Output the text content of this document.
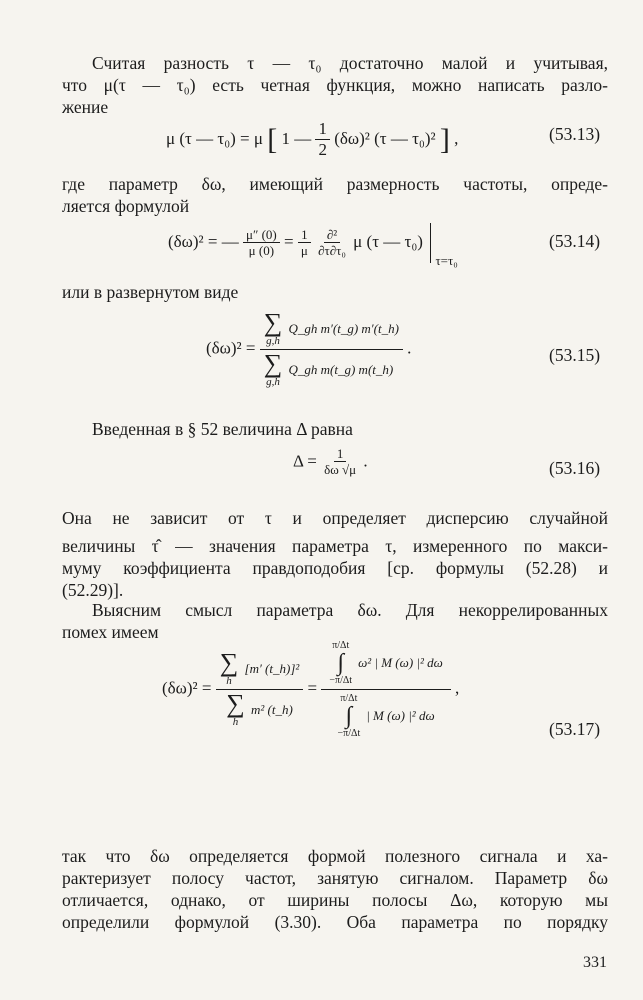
Считая разность τ — τ₀ достаточно малой и учитывая,
что μ(τ — τ₀) есть четная функция, можно написать разло-
жение
μ (τ — τ₀) = μ [ 1 — $\frac{1}{2} (\delta\omega)^2$ (τ — τ₀)² ] ,	(53.13)
где параметр δω, имеющий размерность частоты, опреде-
ляется формулой
(δω)² = — $\frac{\mu'' (0)}{\mu (0)} = \frac{1}{\mu}$
$\frac{\text{∂²}}{\text{∂τ∂τ₀}}$ μ (τ — τ₀)  $_{\tau=\tau_0}$
(53.14)
или в развернутом виде
(δω)² = ∑
g,h
Q_gh m′(t_g) m′(t_h)
∑
g,h
Q_gh m(t_g) m(t_h) .	(53.15)
Введенная в § 52 величина Δ равна
$\Delta = \frac{1}{\delta\omega √\mu}$ .	(53.16)
Она не зависит от τ и определяет дисперсию случайной
величины τ̂ — значения параметра τ, измеренного по макси-
муму коэффициента правдоподобия [ср. формулы (52.28) и
(52.29)].
Выясним смысл параметра δω. Для некоррелированных
помех имеем
(δω)² = ∑
h
[m′ (t_h)]²
∑
h
m² (t_h) =
π/Δt
∫
−π/Δt
ω² | M (ω) |² dω
π/Δt
∫
−π/Δt
| M (ω) |² dω
,
(53.17)
так что δω определяется формой полезного сигнала и ха-
рактеризует полосу частот, занятую сигналом. Параметр δω
отличается, однако, от ширины полосы Δω, которую мы
определили формулой (3.30). Оба параметра по порядку
331
